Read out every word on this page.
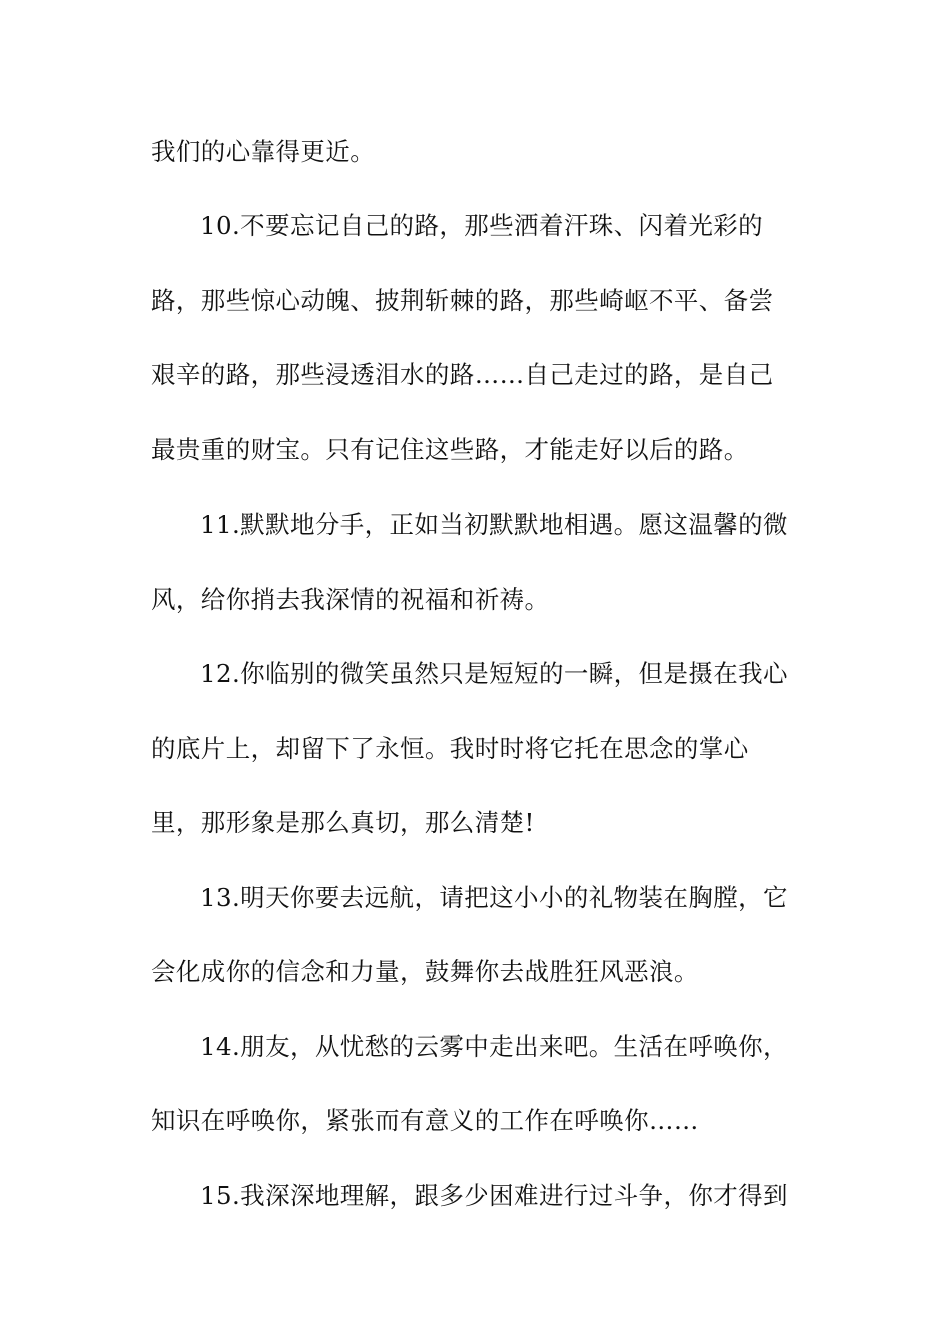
我们的心靠得更近。
10.不要忘记自己的路，那些洒着汗珠、闪着光彩的
路，那些惊心动魄、披荆斩棘的路，那些崎岖不平、备尝
艰辛的路，那些浸透泪水的路……自己走过的路，是自己
最贵重的财宝。只有记住这些路，才能走好以后的路。
11.默默地分手，正如当初默默地相遇。愿这温馨的微
风，给你捎去我深情的祝福和祈祷。
12.你临别的微笑虽然只是短短的一瞬，但是摄在我心
的底片上，却留下了永恒。我时时将它托在思念的掌心
里，那形象是那么真切，那么清楚!
13.明天你要去远航，请把这小小的礼物装在胸膛，它
会化成你的信念和力量，鼓舞你去战胜狂风恶浪。
14.朋友，从忧愁的云雾中走出来吧。生活在呼唤你，
知识在呼唤你，紧张而有意义的工作在呼唤你……
15.我深深地理解，跟多少困难进行过斗争，你才得到
